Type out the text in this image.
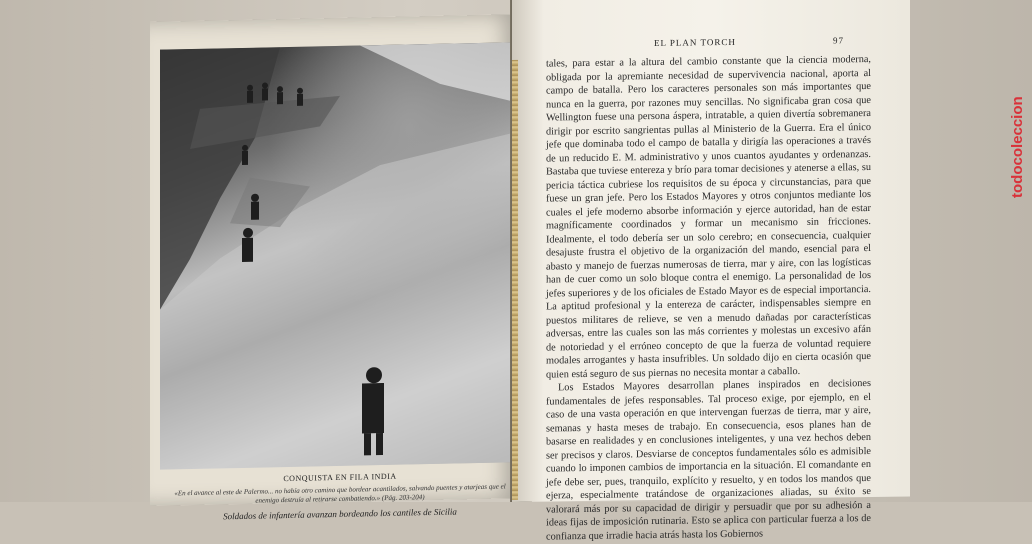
CONQUISTA EN FILA INDIA
«En el avance al este de Palermo... no había otro camino que bordear acantilados, salvando puentes y atarjeas que el enemigo destruía al retirarse combatiendo.» (Pág. 203-204)
Soldados de infantería avanzan bordeando los cantiles de Sicilia
EL PLAN TORCH	97

tales, para estar a la altura del cambio constante que la ciencia moderna, obligada por la apremiante necesidad de supervivencia nacional, aporta al campo de batalla. Pero los caracteres personales son más importantes que nunca en la guerra, por razones muy sencillas. No significaba gran cosa que Wellington fuese una persona áspera, intratable, a quien divertía sobremanera dirigir por escrito sangrientas pullas al Ministerio de la Guerra. Era el único jefe que dominaba todo el campo de batalla y dirigía las operaciones a través de un reducido E. M. administrativo y unos cuantos ayudantes y ordenanzas. Bastaba que tuviese entereza y brío para tomar decisiones y atenerse a ellas, su pericia táctica cubriese los requisitos de su época y circunstancias, para que fuese un gran jefe. Pero los Estados Mayores y otros conjuntos mediante los cuales el jefe moderno absorbe información y ejerce autoridad, han de estar magníficamente coordinados y formar un mecanismo sin fricciones. Idealmente, el todo debería ser un solo cerebro; en consecuencia, cualquier desajuste frustra el objetivo de la organización del mando, esencial para el abasto y manejo de fuerzas numerosas de tierra, mar y aire, con las logísticas han de cuer como un solo bloque contra el enemigo. La personalidad de los jefes superiores y de los oficiales de Estado Mayor es de especial importancia. La aptitud profesional y la entereza de carácter, indispensables siempre en puestos militares de relieve, se ven a menudo dañadas por características adversas, entre las cuales son las más corrientes y molestas un excesivo afán de notoriedad y el erróneo concepto de que la fuerza de voluntad requiere modales arrogantes y hasta insufribles. Un soldado dijo en cierta ocasión que quien está seguro de sus piernas no necesita montar a caballo.

Los Estados Mayores desarrollan planes inspirados en decisiones fundamentales de jefes responsables. Tal proceso exige, por ejemplo, en el caso de una vasta operación en que intervengan fuerzas de tierra, mar y aire, semanas y hasta meses de trabajo. En consecuencia, esos planes han de basarse en realidades y en conclusiones inteligentes, y una vez hechos deben ser precisos y claros. Desviarse de conceptos fundamentales sólo es admisible cuando lo imponen cambios de importancia en la situación. El comandante en jefe debe ser, pues, tranquilo, explícito y resuelto, y en todos los mandos que ejerza, especialmente tratándose de organizaciones aliadas, su éxito se valorará más por su capacidad de dirigir y persuadir que por su adhesión a ideas fijas de imposición rutinaria. Esto se aplica con particular fuerza a los de confianza que irradie hacia atrás hasta los Gobiernos

todocoleccion
